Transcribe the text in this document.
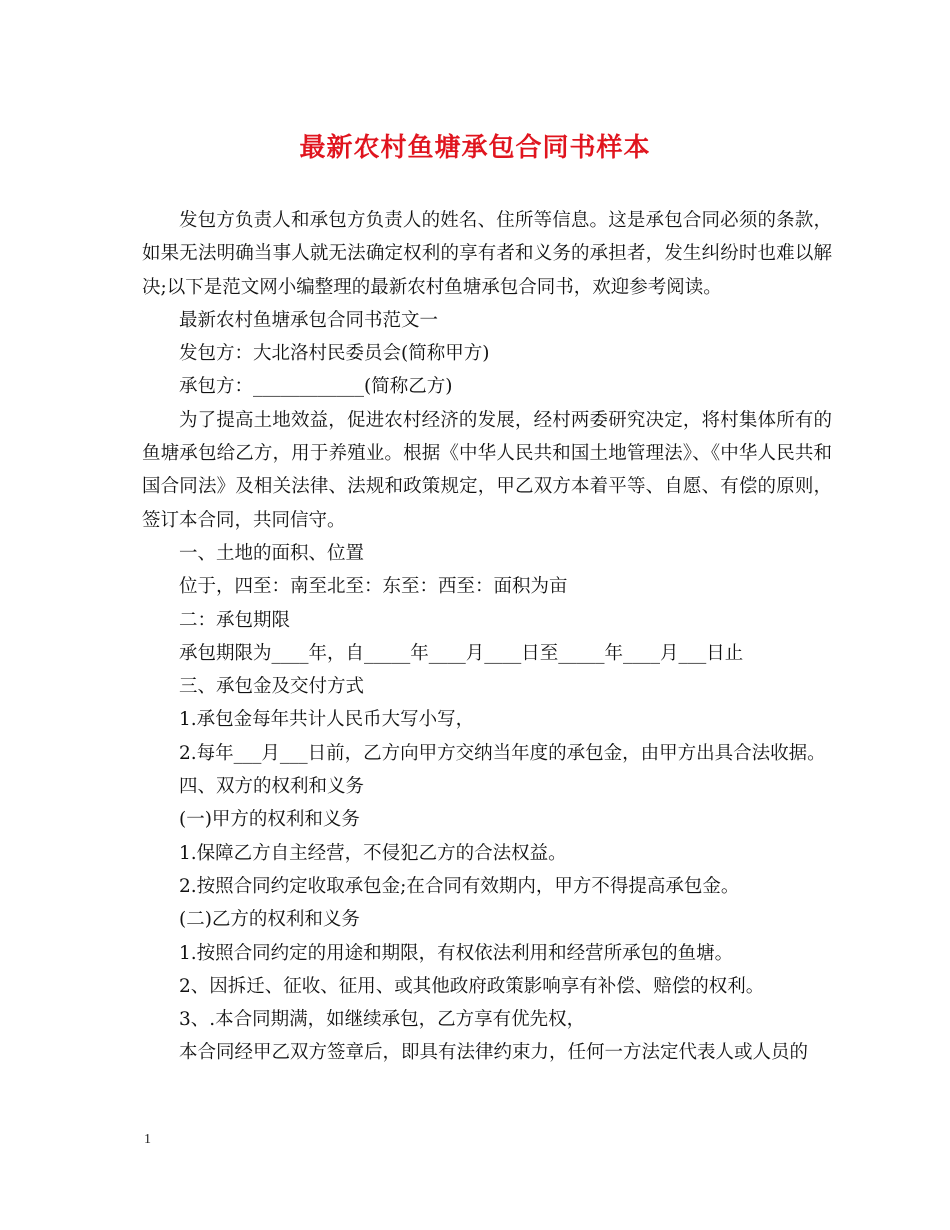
最新农村鱼塘承包合同书样本

发包方负责人和承包方负责人的姓名、住所等信息。这是承包合同必须的条款，如果无法明确当事人就无法确定权利的享有者和义务的承担者，发生纠纷时也难以解决;以下是范文网小编整理的最新农村鱼塘承包合同书，欢迎参考阅读。

最新农村鱼塘承包合同书范文一

发包方：大北洛村民委员会(简称甲方)

承包方：____________(简称乙方)

为了提高土地效益，促进农村经济的发展，经村两委研究决定，将村集体所有的鱼塘承包给乙方，用于养殖业。根据《中华人民共和国土地管理法》、《中华人民共和国合同法》及相关法律、法规和政策规定，甲乙双方本着平等、自愿、有偿的原则，签订本合同，共同信守。

一、土地的面积、位置

位于，四至：南至北至：东至：西至：面积为亩

二：承包期限

承包期限为____年，自_____年____月____日至_____年____月___日止

三、承包金及交付方式

1.承包金每年共计人民币大写小写，

2.每年___月___日前，乙方向甲方交纳当年度的承包金，由甲方出具合法收据。

四、双方的权利和义务

(一)甲方的权利和义务

1.保障乙方自主经营，不侵犯乙方的合法权益。

2.按照合同约定收取承包金;在合同有效期内，甲方不得提高承包金。

(二)乙方的权利和义务

1.按照合同约定的用途和期限，有权依法利用和经营所承包的鱼塘。

2、因拆迁、征收、征用、或其他政府政策影响享有补偿、赔偿的权利。

3、.本合同期满，如继续承包，乙方享有优先权，

本合同经甲乙双方签章后，即具有法律约束力，任何一方法定代表人或人员的

1
